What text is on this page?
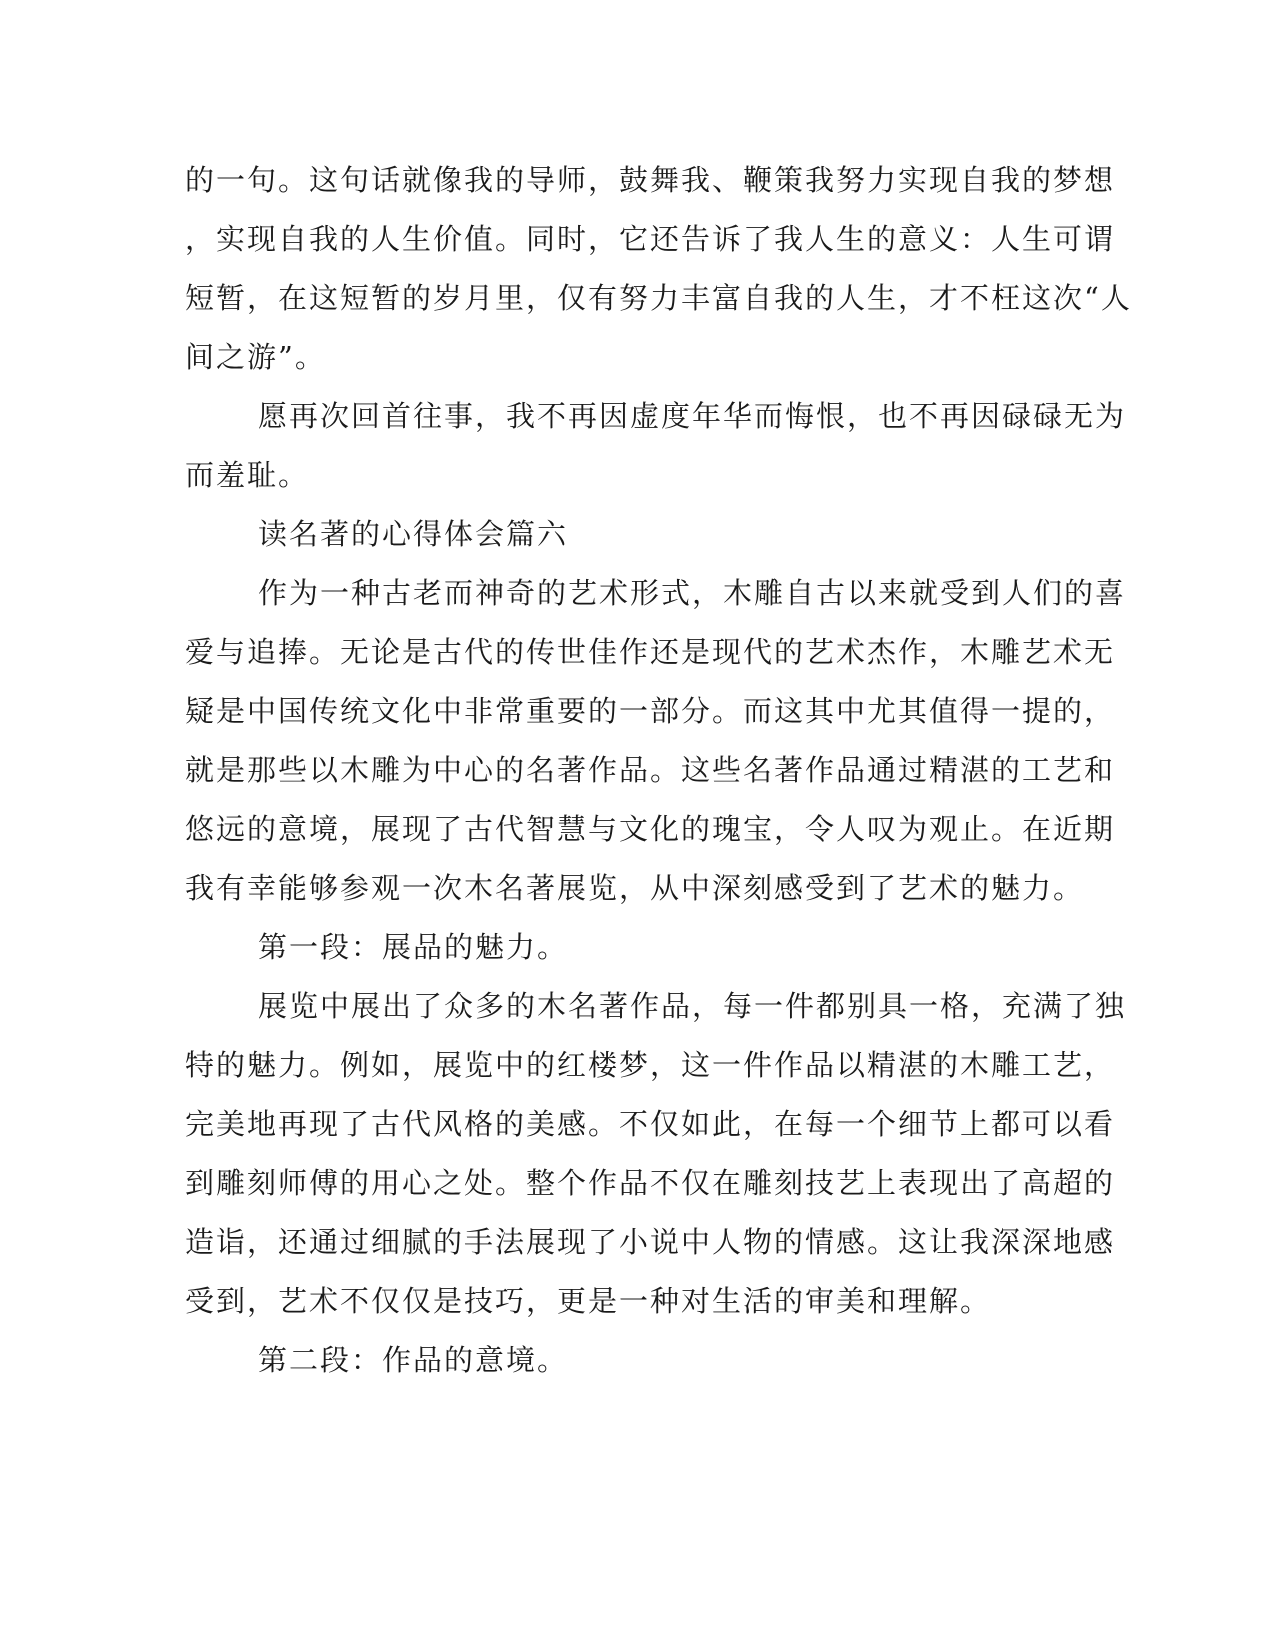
的一句。这句话就像我的导师，鼓舞我、鞭策我努力实现自我的梦想
，实现自我的人生价值。同时，它还告诉了我人生的意义：人生可谓
短暂，在这短暂的岁月里，仅有努力丰富自我的人生，才不枉这次“人
间之游”。
愿再次回首往事，我不再因虚度年华而悔恨，也不再因碌碌无为
而羞耻。
读名著的心得体会篇六
作为一种古老而神奇的艺术形式，木雕自古以来就受到人们的喜
爱与追捧。无论是古代的传世佳作还是现代的艺术杰作，木雕艺术无
疑是中国传统文化中非常重要的一部分。而这其中尤其值得一提的，
就是那些以木雕为中心的名著作品。这些名著作品通过精湛的工艺和
悠远的意境，展现了古代智慧与文化的瑰宝，令人叹为观止。在近期
我有幸能够参观一次木名著展览，从中深刻感受到了艺术的魅力。
第一段：展品的魅力。
展览中展出了众多的木名著作品，每一件都别具一格，充满了独
特的魅力。例如，展览中的红楼梦，这一件作品以精湛的木雕工艺，
完美地再现了古代风格的美感。不仅如此，在每一个细节上都可以看
到雕刻师傅的用心之处。整个作品不仅在雕刻技艺上表现出了高超的
造诣，还通过细腻的手法展现了小说中人物的情感。这让我深深地感
受到，艺术不仅仅是技巧，更是一种对生活的审美和理解。
第二段：作品的意境。
